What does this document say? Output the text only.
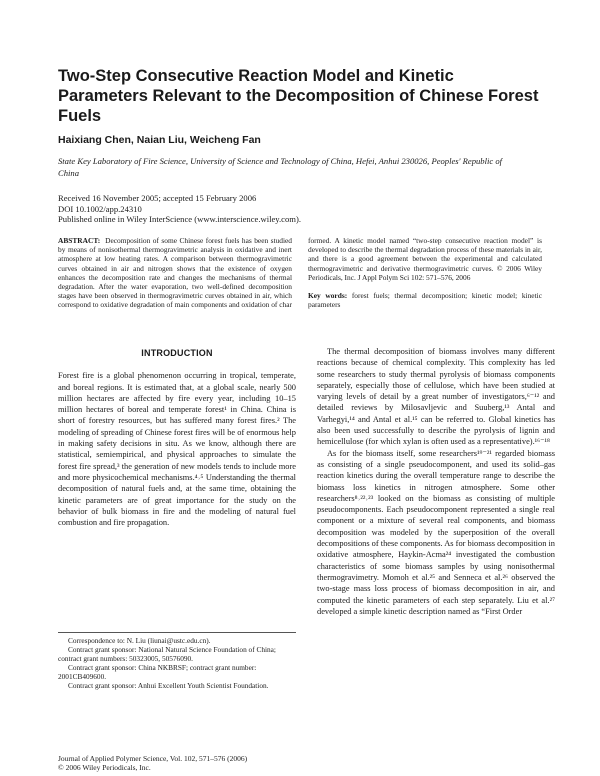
Two-Step Consecutive Reaction Model and Kinetic Parameters Relevant to the Decomposition of Chinese Forest Fuels
Haixiang Chen, Naian Liu, Weicheng Fan
State Key Laboratory of Fire Science, University of Science and Technology of China, Hefei, Anhui 230026, Peoples' Republic of China
Received 16 November 2005; accepted 15 February 2006
DOI 10.1002/app.24310
Published online in Wiley InterScience (www.interscience.wiley.com).
ABSTRACT: Decomposition of some Chinese forest fuels has been studied by means of nonisothermal thermogravimetric analysis in oxidative and inert atmosphere at low heating rates. A comparison between thermogravimetric curves obtained in air and nitrogen shows that the existence of oxygen enhances the decomposition rate and changes the mechanisms of thermal degradation. After the water evaporation, two well-defined decomposition stages have been observed in thermogravimetric curves obtained in air, which correspond to oxidative degradation of main components and oxidation of char formed. A kinetic model named “two-step consecutive reaction model” is developed to describe the thermal degradation process of these materials in air, and there is a good agreement between the experimental and calculated thermogravimetric and derivative thermogravimetric curves. © 2006 Wiley Periodicals, Inc. J Appl Polym Sci 102: 571–576, 2006
Key words: forest fuels; thermal decomposition; kinetic model; kinetic parameters
INTRODUCTION

Forest fire is a global phenomenon occurring in tropical, temperate, and boreal regions. It is estimated that, at a global scale, nearly 500 million hectares are affected by fire every year, including 10–15 million hectares of boreal and temperate forest¹ in China. China is short of forestry resources, but has suffered many forest fires.² The modeling of spreading of Chinese forest fires will be of enormous help in making safety decisions in situ. As we know, although there are statistical, semiempirical, and physical approaches to simulate the forest fire spread,³ the generation of new models tends to include more and more physicochemical mechanisms.⁴˒⁵ Understanding the thermal decomposition of natural fuels and, at the same time, obtaining the kinetic parameters are of great importance for the study on the behavior of bulk biomass in fire and the modeling of natural fuel combustion and fire propagation.

Correspondence to: N. Liu (liunai@ustc.edu.cn).

Contract grant sponsor: National Natural Science Foundation of China; contract grant numbers: 50323005, 50576090.

Contract grant sponsor: China NKBRSF; contract grant number: 2001CB409600.

Contract grant sponsor: Anhui Excellent Youth Scientist Foundation.

Journal of Applied Polymer Science, Vol. 102, 571–576 (2006)
© 2006 Wiley Periodicals, Inc.

The thermal decomposition of biomass involves many different reactions because of chemical complexity. This complexity has led some researchers to study thermal pyrolysis of biomass components separately, especially those of cellulose, which have been studied at varying levels of detail by a great number of investigators,⁶⁻¹² and detailed reviews by Milosavljevic and Suuberg,¹³ Antal and Varhegyi,¹⁴ and Antal et al.¹⁵ can be referred to. Global kinetics has also been used successfully to describe the pyrolysis of lignin and hemicellulose (for which xylan is often used as a representative).¹⁶⁻¹⁸

As for the biomass itself, some researchers¹⁹⁻²¹ regarded biomass as consisting of a single pseudocomponent, and used its solid–gas reaction kinetics during the overall temperature range to describe the biomass loss kinetics in nitrogen atmosphere. Some other researchers⁸˒²²˒²³ looked on the biomass as consisting of multiple pseudocomponents. Each pseudocomponent represented a single real component or a mixture of several real components, and biomass decomposition was modeled by the superposition of the overall decompositions of these components. As for biomass decomposition in oxidative atmosphere, Haykin-Acma²⁴ investigated the combustion characteristics of some biomass samples by using nonisothermal thermogravimetry. Momoh et al.²⁵ and Senneca et al.²⁶ observed the two-stage mass loss process of biomass decomposition in air, and computed the kinetic parameters of each step separately. Liu et al.²⁷ developed a simple kinetic description named as “First Order
